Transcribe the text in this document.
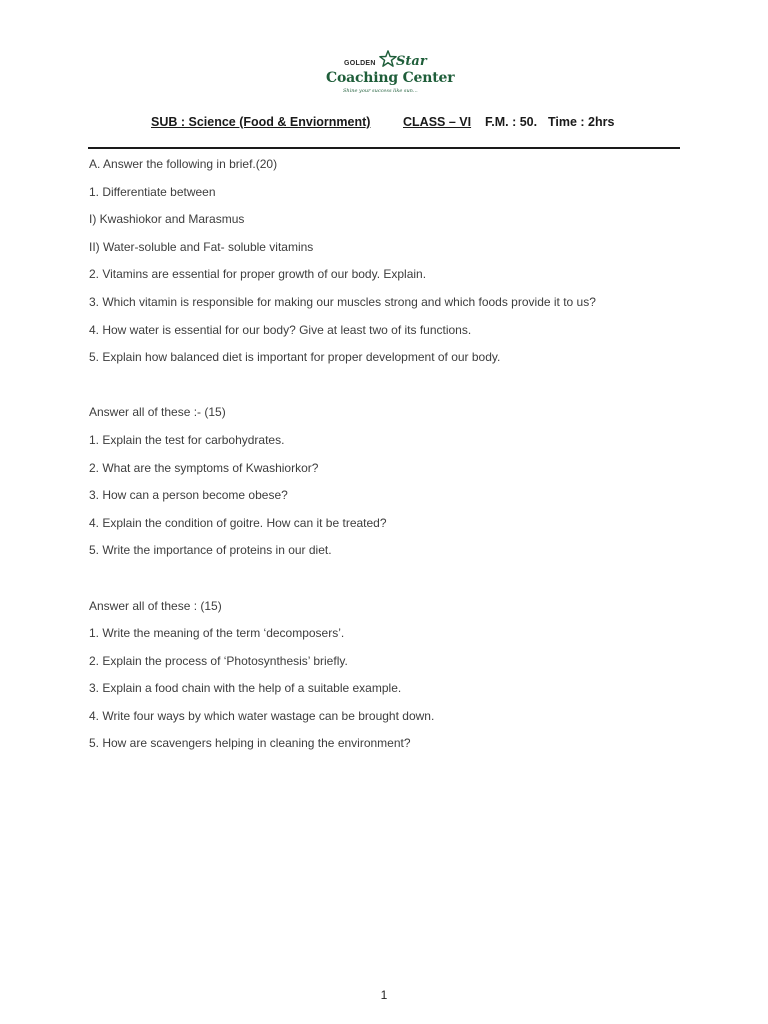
GOLDEN Star
Coaching Center
Shine your success like sun...
SUB : Science (Food & Enviornment)	CLASS – VI F.M. : 50. Time : 2hrs
A. Answer the following in brief.(20)
1. Differentiate between
I) Kwashiokor and Marasmus
II) Water-soluble and Fat- soluble vitamins
2. Vitamins are essential for proper growth of our body. Explain.
3. Which vitamin is responsible for making our muscles strong and which foods provide it to us?
4. How water is essential for our body? Give at least two of its functions.
5. Explain how balanced diet is important for proper development of our body.
Answer all of these :- (15)
1. Explain the test for carbohydrates.
2. What are the symptoms of Kwashiorkor?
3. How can a person become obese?
4. Explain the condition of goitre. How can it be treated?
5. Write the importance of proteins in our diet.
Answer all of these : (15)
1. Write the meaning of the term ‘decomposers’.
2. Explain the process of ‘Photosynthesis’ briefly.
3. Explain a food chain with the help of a suitable example.
4. Write four ways by which water wastage can be brought down.
5. How are scavengers helping in cleaning the environment?
1
